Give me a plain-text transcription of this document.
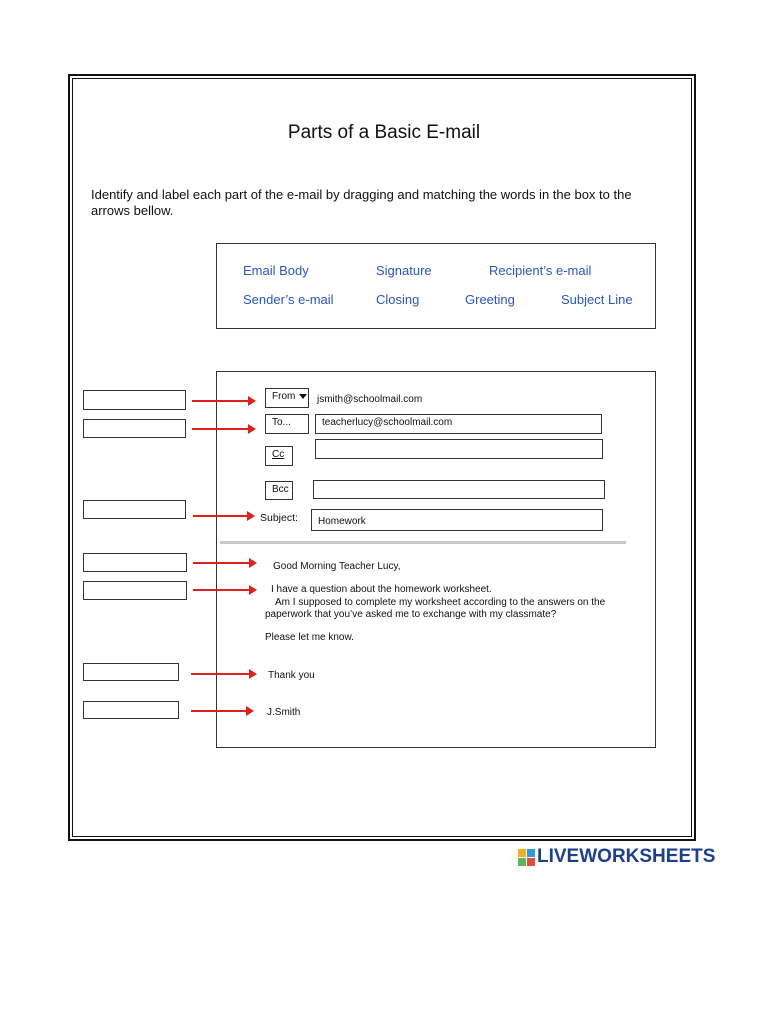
Parts of a Basic E-mail
Identify and label each part of the e-mail by dragging and matching the words in the box to the arrows bellow.
Email Body	Signature	Recipient’s e-mail
Sender’s e-mail	Closing	Greeting	Subject Line
From	jsmith@schoolmail.com
To...	teacherlucy@schoolmail.com
Cc
Bcc
Subject:	Homework
Good Morning Teacher Lucy,
I have a question about the homework worksheet.
Am I supposed to complete my worksheet according to the answers on the
paperwork that you’ve asked me to exchange with my classmate?
Please let me know.
Thank you
J.Smith
LIVEWORKSHEETS
